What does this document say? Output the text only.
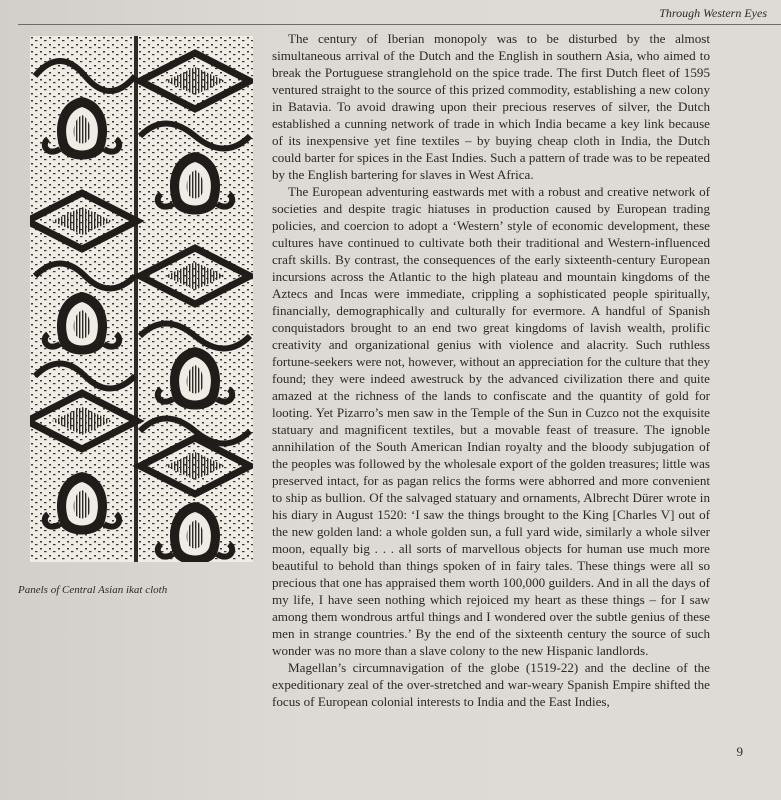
Through Western Eyes
Panels of Central Asian ikat cloth

The century of Iberian monopoly was to be disturbed by the almost simultaneous arrival of the Dutch and the English in southern Asia, who aimed to break the Portuguese stranglehold on the spice trade. The first Dutch fleet of 1595 ventured straight to the source of this prized commodity, establishing a new colony in Batavia. To avoid drawing upon their precious reserves of silver, the Dutch established a cunning network of trade in which India became a key link because of its inexpensive yet fine textiles – by buying cheap cloth in India, the Dutch could barter for spices in the East Indies. Such a pattern of trade was to be repeated by the English bartering for slaves in West Africa.

The European adventuring eastwards met with a robust and creative network of societies and despite tragic hiatuses in production caused by European trading policies, and coercion to adopt a ‘Western’ style of economic development, these cultures have continued to cultivate both their traditional and Western-influenced craft skills. By contrast, the consequences of the early sixteenth-century European incursions across the Atlantic to the high plateau and mountain kingdoms of the Aztecs and Incas were immediate, crippling a sophisticated people spiritually, financially, demographically and culturally for evermore. A handful of Spanish conquistadors brought to an end two great kingdoms of lavish wealth, prolific creativity and organizational genius with violence and alacrity. Such ruthless fortune-seekers were not, however, without an appreciation for the culture that they found; they were indeed awestruck by the advanced civilization there and quite amazed at the richness of the lands to confiscate and the quantity of gold for looting. Yet Pizarro’s men saw in the Temple of the Sun in Cuzco not the exquisite statuary and magnificent textiles, but a movable feast of treasure. The ignoble annihilation of the South American Indian royalty and the bloody subjugation of the peoples was followed by the wholesale export of the golden treasures; little was preserved intact, for as pagan relics the forms were abhorred and more convenient to ship as bullion. Of the salvaged statuary and ornaments, Albrecht Dürer wrote in his diary in August 1520: ‘I saw the things brought to the King [Charles V] out of the new golden land: a whole golden sun, a full yard wide, similarly a whole silver moon, equally big . . . all sorts of marvellous objects for human use much more beautiful to behold than things spoken of in fairy tales. These things were all so precious that one has appraised them worth 100,000 guilders. And in all the days of my life, I have seen nothing which rejoiced my heart as these things – for I saw among them wondrous artful things and I wondered over the subtle genius of these men in strange countries.’ By the end of the sixteenth century the source of such wonder was no more than a slave colony to the new Hispanic landlords.

Magellan’s circumnavigation of the globe (1519-22) and the decline of the expeditionary zeal of the over-stretched and war-weary Spanish Empire shifted the focus of European colonial interests to India and the East Indies,

9
